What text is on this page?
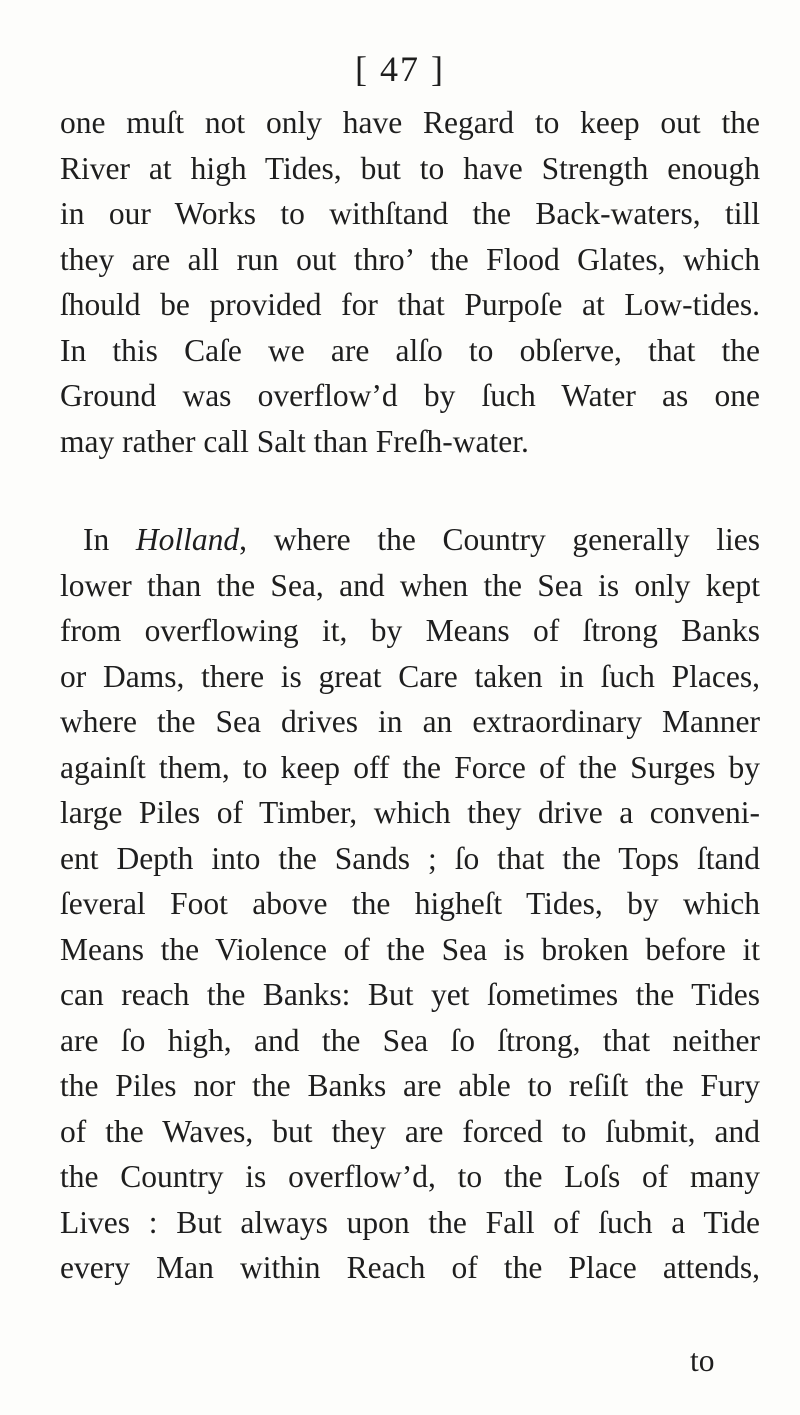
[ 47 ]

one muſt not only have Regard to keep out the
River at high Tides, but to have Strength enough
in our Works to withſtand the Back-waters, till
they are all run out thro’ the Flood Glates, which
ſhould be provided for that Purpoſe at Low-tides.
In this Caſe we are alſo to obſerve, that the
Ground was overflow’d by ſuch Water as one
may rather call Salt than Freſh-water.

In Holland, where the Country generally lies
lower than the Sea, and when the Sea is only kept
from overflowing it, by Means of ſtrong Banks
or Dams, there is great Care taken in ſuch Places,
where the Sea drives in an extraordinary Manner
againſt them, to keep off the Force of the Surges by
large Piles of Timber, which they drive a conveni-
ent Depth into the Sands ; ſo that the Tops ſtand
ſeveral Foot above the higheſt Tides, by which
Means the Violence of the Sea is broken before it
can reach the Banks: But yet ſometimes the Tides
are ſo high, and the Sea ſo ſtrong, that neither
the Piles nor the Banks are able to reſiſt the Fury
of the Waves, but they are forced to ſubmit, and
the Country is overflow’d, to the Loſs of many
Lives : But always upon the Fall of ſuch a Tide
every Man within Reach of the Place attends,

to
